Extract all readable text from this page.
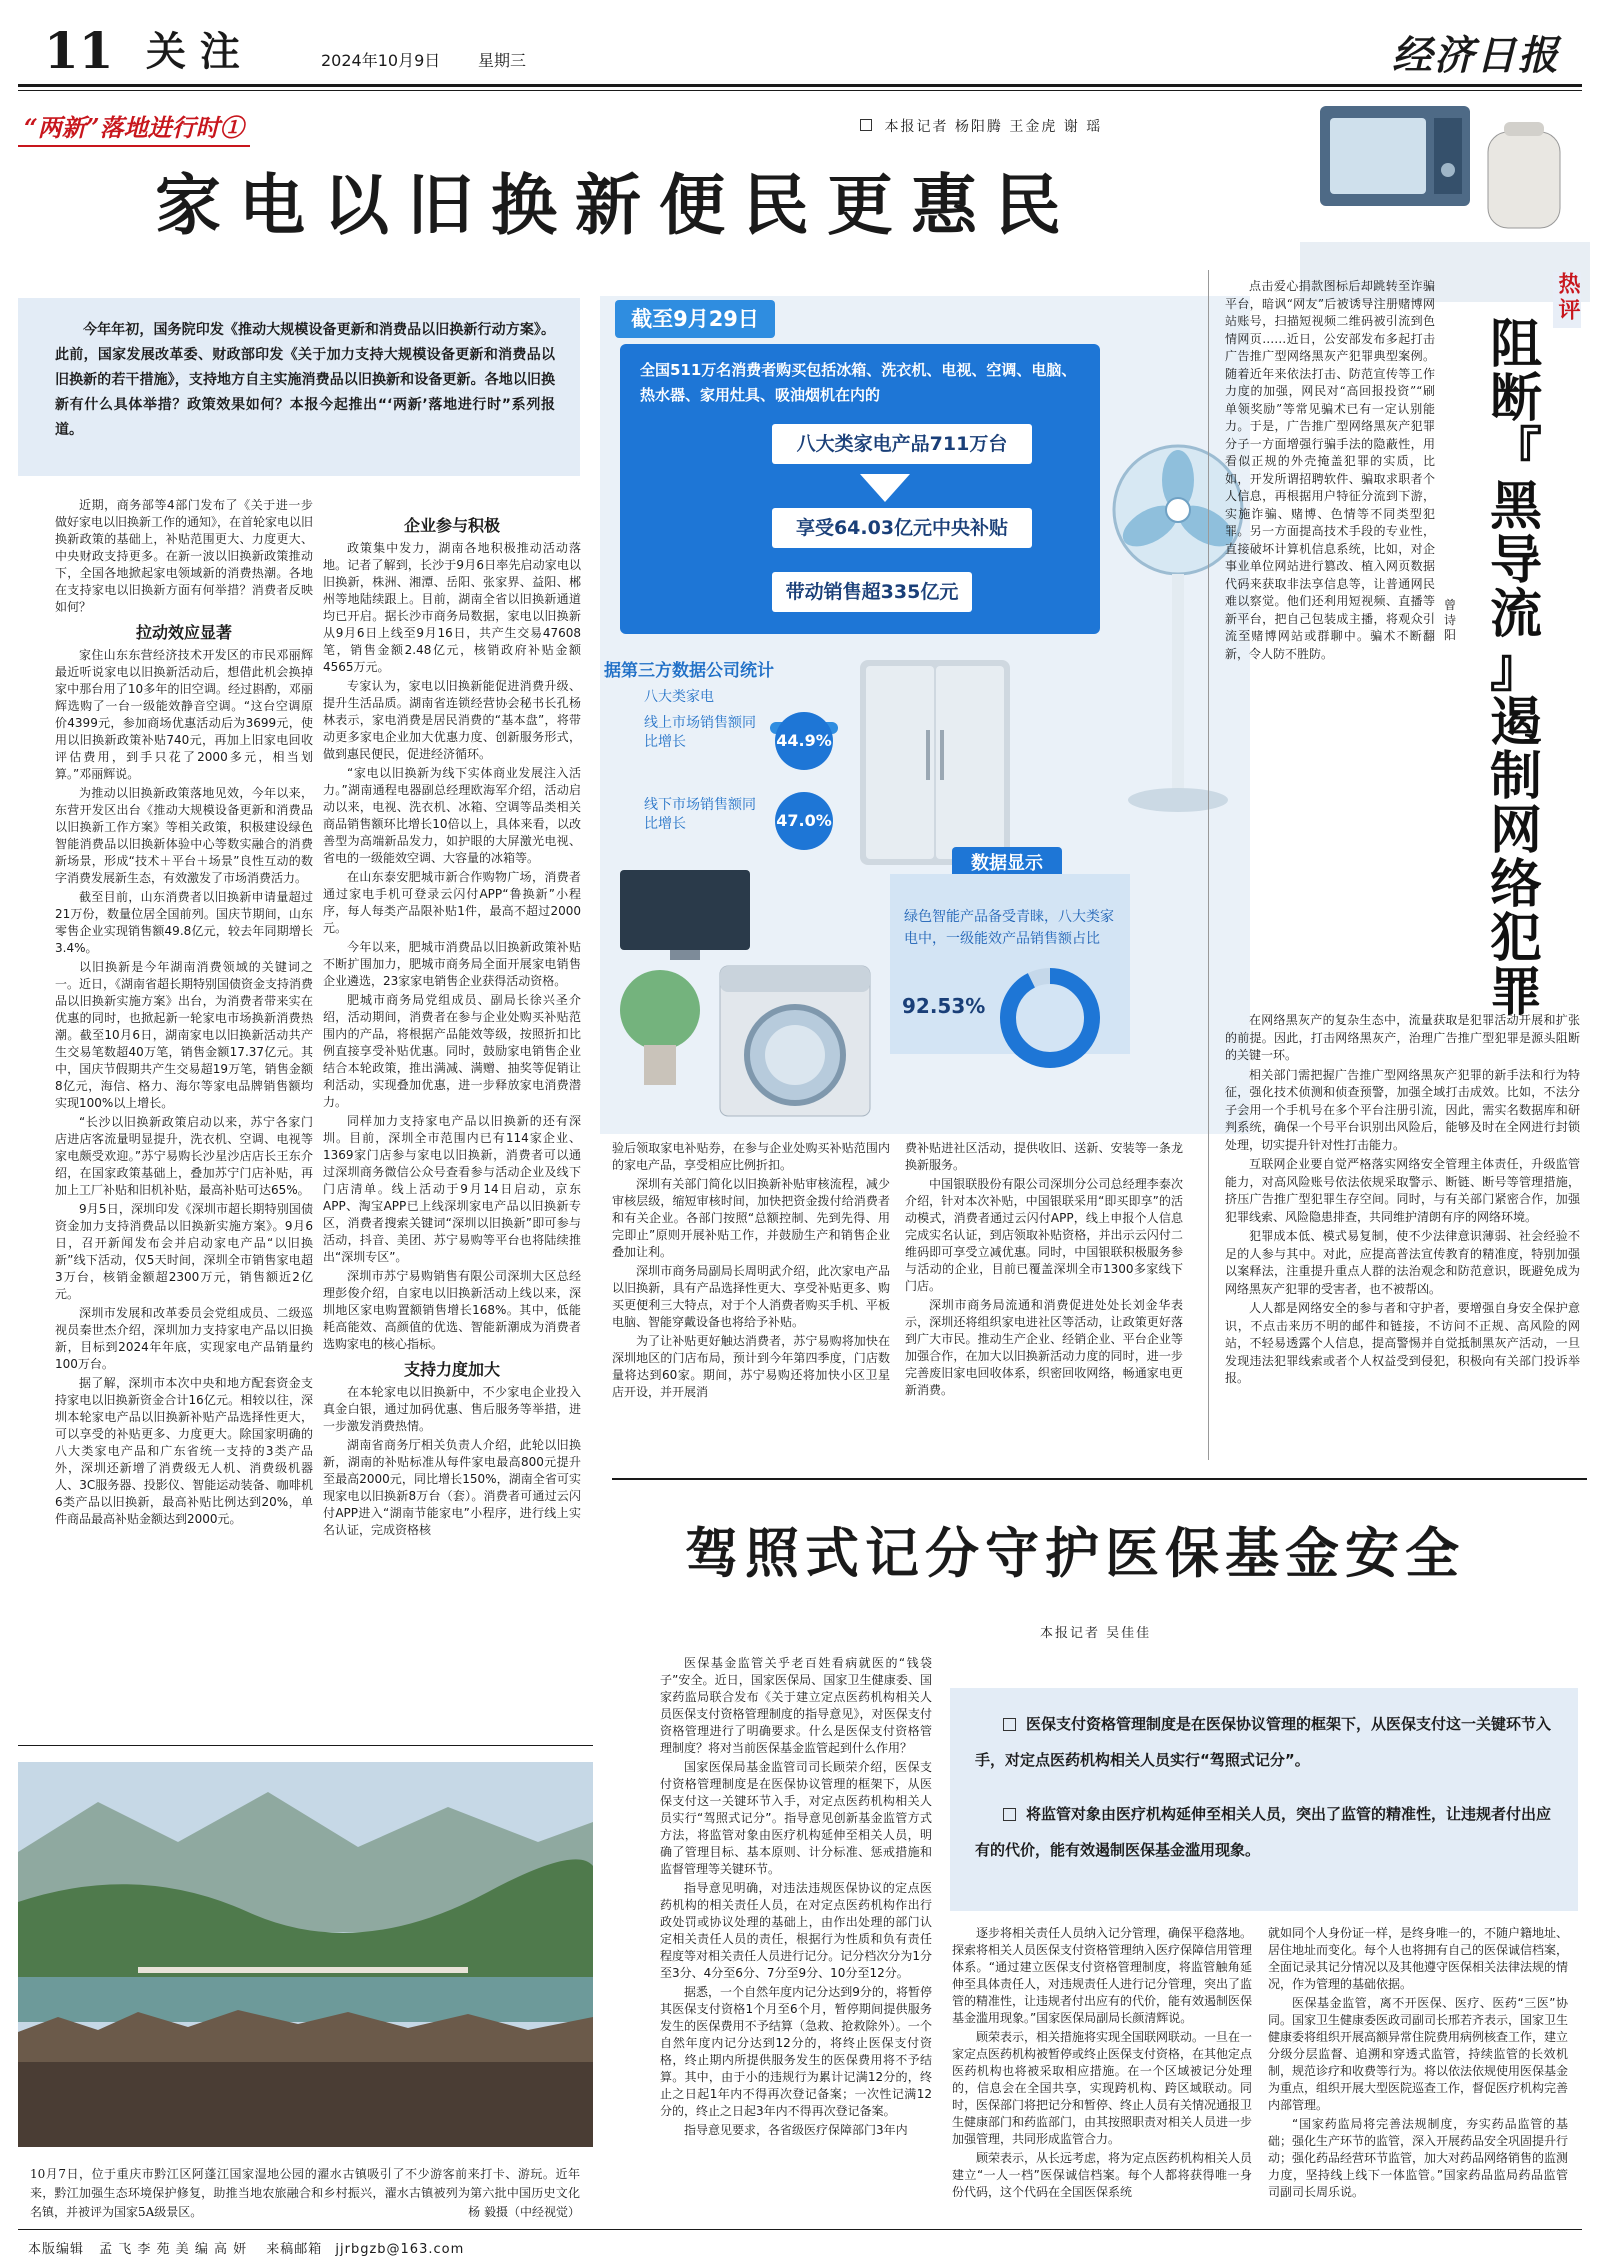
11 关 注	2024年10月9日 星期三	经济日报
“两新”落地进行时①	本报记者 杨阳腾 王金虎 谢 瑶
家电以旧换新便民更惠民
今年年初，国务院印发《推动大规模设备更新和消费品以旧换新行动方案》。此前，国家发展改革委、财政部印发《关于加力支持大规模设备更新和消费品以旧换新的若干措施》，支持地方自主实施消费品以旧换新和设备更新。各地以旧换新有什么具体举措？政策效果如何？本报今起推出“‘两新’落地进行时”系列报道。

近期，商务部等4部门发布了《关于进一步做好家电以旧换新工作的通知》，在首轮家电以旧换新政策的基础上，补贴范围更大、力度更大、中央财政支持更多。在新一波以旧换新政策推动下，全国各地掀起家电领域新的消费热潮。各地在支持家电以旧换新方面有何举措？消费者反映如何？

拉动效应显著

家住山东东营经济技术开发区的市民邓丽辉最近听说家电以旧换新活动后，想借此机会换掉家中那台用了10多年的旧空调。经过斟酌，邓丽辉选购了一台一级能效静音空调。“这台空调原价4399元，参加商场优惠活动后为3699元，使用以旧换新政策补贴740元，再加上旧家电回收评估费用，到手只花了2000多元，相当划算。”邓丽辉说。

为推动以旧换新政策落地见效，今年以来，东营开发区出台《推动大规模设备更新和消费品以旧换新工作方案》等相关政策，积极建设绿色智能消费品以旧换新体验中心等数实融合的消费新场景，形成“技术＋平台＋场景”良性互动的数字消费发展新生态，有效激发了市场消费活力。

截至目前，山东消费者以旧换新申请量超过21万份，数量位居全国前列。国庆节期间，山东零售企业实现销售额49.8亿元，较去年同期增长3.4%。

以旧换新是今年湖南消费领域的关键词之一。近日，《湖南省超长期特别国债资金支持消费品以旧换新实施方案》出台，为消费者带来实在优惠的同时，也掀起新一轮家电市场换新消费热潮。截至10月6日，湖南家电以旧换新活动共产生交易笔数超40万笔，销售金额17.37亿元。其中，国庆节假期共产生交易超19万笔，销售金额8亿元，海信、格力、海尔等家电品牌销售额均实现100%以上增长。

“长沙以旧换新政策启动以来，苏宁各家门店进店客流量明显提升，洗衣机、空调、电视等家电颇受欢迎。”苏宁易购长沙星沙店店长王东介绍，在国家政策基础上，叠加苏宁门店补贴，再加上工厂补贴和旧机补贴，最高补贴可达65%。

9月5日，深圳印发《深圳市超长期特别国债资金加力支持消费品以旧换新实施方案》。9月6日，召开新闻发布会并启动家电产品“以旧换新”线下活动，仅5天时间，深圳全市销售家电超3万台，核销金额超2300万元，销售额近2亿元。

深圳市发展和改革委员会党组成员、二级巡视员秦世杰介绍，深圳加力支持家电产品以旧换新，目标到2024年年底，实现家电产品销量约100万台。

据了解，深圳市本次中央和地方配套资金支持家电以旧换新资金合计16亿元。相较以往，深圳本轮家电产品以旧换新补贴产品选择性更大，可以享受的补贴更多、力度更大。除国家明确的八大类家电产品和广东省统一支持的3类产品外，深圳还新增了消费级无人机、消费级机器人、3C服务器、投影仪、智能运动装备、咖啡机6类产品以旧换新，最高补贴比例达到20%，单件商品最高补贴金额达到2000元。

企业参与积极

政策集中发力，湖南各地积极推动活动落地。记者了解到，长沙于9月6日率先启动家电以旧换新，株洲、湘潭、岳阳、张家界、益阳、郴州等地陆续跟上。目前，湖南全省以旧换新通道均已开启。据长沙市商务局数据，家电以旧换新从9月6日上线至9月16日，共产生交易47608笔，销售金额2.48亿元，核销政府补贴金额4565万元。

专家认为，家电以旧换新能促进消费升级、提升生活品质。湖南省连锁经营协会秘书长孔杨林表示，家电消费是居民消费的“基本盘”，将带动更多家电企业加大优惠力度、创新服务形式，做到惠民便民，促进经济循环。

“家电以旧换新为线下实体商业发展注入活力。”湖南通程电器副总经理欧海军介绍，活动启动以来，电视、洗衣机、冰箱、空调等品类相关商品销售额环比增长10倍以上，具体来看，以改善型为高端新品发力，如护眼的大屏激光电视、省电的一级能效空调、大容量的冰箱等。

在山东泰安肥城市新合作购物广场，消费者通过家电手机可登录云闪付APP“鲁换新”小程序，每人每类产品限补贴1件，最高不超过2000元。

今年以来，肥城市消费品以旧换新政策补贴不断扩围加力，肥城市商务局全面开展家电销售企业遴选，23家家电销售企业获得活动资格。

肥城市商务局党组成员、副局长徐兴圣介绍，活动期间，消费者在参与企业处购买补贴范围内的产品，将根据产品能效等级，按照折扣比例直接享受补贴优惠。同时，鼓励家电销售企业结合本轮政策，推出满减、满赠、抽奖等促销让利活动，实现叠加优惠，进一步释放家电消费潜力。

同样加力支持家电产品以旧换新的还有深圳。目前，深圳全市范围内已有114家企业、1369家门店参与家电以旧换新，消费者可以通过深圳商务微信公众号查看参与活动企业及线下门店清单。线上活动于9月14日启动，京东APP、淘宝APP已上线深圳家电产品以旧换新专区，消费者搜索关键词“深圳以旧换新”即可参与活动，抖音、美团、苏宁易购等平台也将陆续推出“深圳专区”。

深圳市苏宁易购销售有限公司深圳大区总经理彭俊介绍，自家电以旧换新活动上线以来，深圳地区家电购置额销售增长168%。其中，低能耗高能效、高颜值的优选、智能新潮成为消费者选购家电的核心指标。

支持力度加大

在本轮家电以旧换新中，不少家电企业投入真金白银，通过加码优惠、售后服务等举措，进一步激发消费热情。

湖南省商务厅相关负责人介绍，此轮以旧换新，湖南的补贴标准从每件家电最高800元提升至最高2000元，同比增长150%，湖南全省可实现家电以旧换新8万台（套）。消费者可通过云闪付APP进入“湖南节能家电”小程序，进行线上实名认证，完成资格核

截至9月29日
全国511万名消费者购买包括冰箱、洗衣机、电视、空调、电脑、热水器、家用灶具、吸油烟机在内的
八大类家电产品711万台
享受64.03亿元中央补贴
带动销售超335亿元
据第三方数据公司统计
八大类家电
线上市场销售额同比增长	44.9%
线下市场销售额同比增长	47.0%
数据显示
绿色智能产品备受青睐，八大类家电中，一级能效产品销售额占比
92.53%

验后领取家电补贴券，在参与企业处购买补贴范围内的家电产品，享受相应比例折扣。

深圳有关部门简化以旧换新补贴审核流程，减少审核层级，缩短审核时间，加快把资金拨付给消费者和有关企业。各部门按照“总额控制、先到先得、用完即止”原则开展补贴工作，并鼓励生产和销售企业叠加让利。

深圳市商务局副局长周明武介绍，此次家电产品以旧换新，具有产品选择性更大、享受补贴更多、购买更便利三大特点，对于个人消费者购买手机、平板电脑、智能穿戴设备也将给予补贴。

为了让补贴更好触达消费者，苏宁易购将加快在深圳地区的门店布局，预计到今年第四季度，门店数量将达到60家。期间，苏宁易购还将加快小区卫星店开设，并开展消

费补贴进社区活动，提供收旧、送新、安装等一条龙换新服务。

中国银联股份有限公司深圳分公司总经理李泰次介绍，针对本次补贴，中国银联采用“即买即享”的活动模式，消费者通过云闪付APP，线上申报个人信息完成实名认证，到店领取补贴资格，并出示云闪付二维码即可享受立减优惠。同时，中国银联积极服务参与活动的企业，目前已覆盖深圳全市1300多家线下门店。

深圳市商务局流通和消费促进处处长刘金华表示，深圳还将组织家电进社区等活动，让政策更好落到广大市民。推动生产企业、经销企业、平台企业等加强合作，在加大以旧换新活动力度的同时，进一步完善废旧家电回收体系，织密回收网络，畅通家电更新消费。

点击爱心捐款图标后却跳转至诈骗平台，暗讽“网友”后被诱导注册赌博网站账号，扫描短视频二维码被引流到色情网页……近日，公安部发布多起打击广告推广型网络黑灰产犯罪典型案例。随着近年来依法打击、防范宣传等工作力度的加强，网民对“高回报投资”“刷单领奖励”等常见骗术已有一定认别能力。于是，广告推广型网络黑灰产犯罪分子一方面增强行骗手法的隐蔽性，用看似正规的外壳掩盖犯罪的实质，比如，开发所谓招聘软件、骗取求职者个人信息，再根据用户特征分流到下游，实施诈骗、赌博、色情等不同类型犯罪。另一方面提高技术手段的专业性，直接破坏计算机信息系统，比如，对企事业单位网站进行篡改、植入网页数据代码来获取非法享信息等，让普通网民难以察觉。他们还利用短视频、直播等新平台，把自己包装成主播，将观众引流至赌博网站或群聊中。骗术不断翻新，令人防不胜防。
曾诗阳
热评
阻
断
『
黑
导
流
』
遏
制
网
络
犯
罪

在网络黑灰产的复杂生态中，流量获取是犯罪活动开展和扩张的前提。因此，打击网络黑灰产，治理广告推广型犯罪是源头阻断的关键一环。

相关部门需把握广告推广型网络黑灰产犯罪的新手法和行为特征，强化技术侦测和侦查预警，加强全域打击成效。比如，不法分子会用一个手机号在多个平台注册引流，因此，需实名数据库和研判系统，确保一个号平台识别出风险后，能够及时在全网进行封锁处理，切实提升针对性打击能力。

互联网企业要自觉严格落实网络安全管理主体责任，升级监管能力，对高风险账号依法依规采取警示、断链、断号等管理措施，挤压广告推广型犯罪生存空间。同时，与有关部门紧密合作，加强犯罪线索、风险隐患排查，共同维护清朗有序的网络环境。

犯罪成本低、模式易复制，使不少法律意识薄弱、社会经验不足的人参与其中。对此，应提高普法宣传教育的精准度，特别加强以案释法，注重提升重点人群的法治观念和防范意识，既避免成为网络黑灰产犯罪的受害者，也不被帮凶。

人人都是网络安全的参与者和守护者，要增强自身安全保护意识，不点击来历不明的邮件和链接，不访问不正规、高风险的网站，不轻易透露个人信息，提高警惕并自觉抵制黑灰产活动，一旦发现违法犯罪线索或者个人权益受到侵犯，积极向有关部门投诉举报。

10月7日，位于重庆市黔江区阿蓬江国家湿地公园的濯水古镇吸引了不少游客前来打卡、游玩。近年来，黔江加强生态环境保护修复，助推当地农旅融合和乡村振兴，濯水古镇被列为第六批中国历史文化名镇，并被评为国家5A级景区。	杨 毅摄（中经视觉）
驾照式记分守护医保基金安全
本报记者 吴佳佳

医保基金监管关乎老百姓看病就医的“钱袋子”安全。近日，国家医保局、国家卫生健康委、国家药监局联合发布《关于建立定点医药机构相关人员医保支付资格管理制度的指导意见》，对医保支付资格管理进行了明确要求。什么是医保支付资格管理制度？将对当前医保基金监管起到什么作用？

国家医保局基金监管司司长顾荣介绍，医保支付资格管理制度是在医保协议管理的框架下，从医保支付这一关键环节入手，对定点医药机构相关人员实行“驾照式记分”。指导意见创新基金监管方式方法，将监管对象由医疗机构延伸至相关人员，明确了管理目标、基本原则、计分标准、惩戒措施和监督管理等关键环节。

指导意见明确，对违法违规医保协议的定点医药机构的相关责任人员，在对定点医药机构作出行政处罚或协议处理的基础上，由作出处理的部门认定相关责任人员的责任，根据行为性质和负有责任程度等对相关责任人员进行记分。记分档次分为1分至3分、4分至6分、7分至9分、10分至12分。

据悉，一个自然年度内记分达到9分的，将暂停其医保支付资格1个月至6个月，暂停期间提供服务发生的医保费用不予结算（急救、抢救除外）。一个自然年度内记分达到12分的，将终止医保支付资格，终止期内所提供服务发生的医保费用将不予结算。其中，由于小的违规行为累计记满12分的，终止之日起1年内不得再次登记备案；一次性记满12分的，终止之日起3年内不得再次登记备案。

指导意见要求，各省级医疗保障部门3年内

医保支付资格管理制度是在医保协议管理的框架下，从医保支付这一关键环节入手，对定点医药机构相关人员实行“驾照式记分”。
将监管对象由医疗机构延伸至相关人员，突出了监管的精准性，让违规者付出应有的代价，能有效遏制医保基金滥用现象。

逐步将相关责任人员纳入记分管理，确保平稳落地。探索将相关人员医保支付资格管理纳入医疗保障信用管理体系。“通过建立医保支付资格管理制度，将监管触角延伸至具体责任人，对违规责任人进行记分管理，突出了监管的精准性，让违规者付出应有的代价，能有效遏制医保基金滥用现象。”国家医保局副局长颜清辉说。

顾荣表示，相关措施将实现全国联网联动。一旦在一家定点医药机构被暂停或终止医保支付资格，在其他定点医药机构也将被采取相应措施。在一个区域被记分处理的，信息会在全国共享，实现跨机构、跨区域联动。同时，医保部门将把记分和暂停、终止人员有关情况通报卫生健康部门和药监部门，由其按照职责对相关人员进一步加强管理，共同形成监管合力。

顾荣表示，从长远考虑，将为定点医药机构相关人员建立“一人一档”医保诚信档案。每个人都将获得唯一身份代码，这个代码在全国医保系统

就如同个人身份证一样，是终身唯一的，不随户籍地址、居住地址而变化。每个人也将拥有自己的医保诚信档案，全面记录其记分情况以及其他遵守医保相关法律法规的情况，作为管理的基础依据。

医保基金监管，离不开医保、医疗、医药“三医”协同。国家卫生健康委医政司副司长邢若齐表示，国家卫生健康委将组织开展高额异常住院费用病例核查工作，建立分级分层监督、追溯和穿透式监管，持续监管的长效机制，规范诊疗和收费等行为。将以依法依规使用医保基金为重点，组织开展大型医院巡查工作，督促医疗机构完善内部管理。

“国家药监局将完善法规制度，夯实药品监管的基础；强化生产环节的监管，深入开展药品安全巩固提升行动；强化药品经营环节监管，加大对药品网络销售的监测力度，坚持线上线下一体监管。”国家药品监局药品监管司副司长周乐说。

本版编辑 孟 飞 李 苑 美 编 高 妍 来稿邮箱 jjrbgzb@163.com
